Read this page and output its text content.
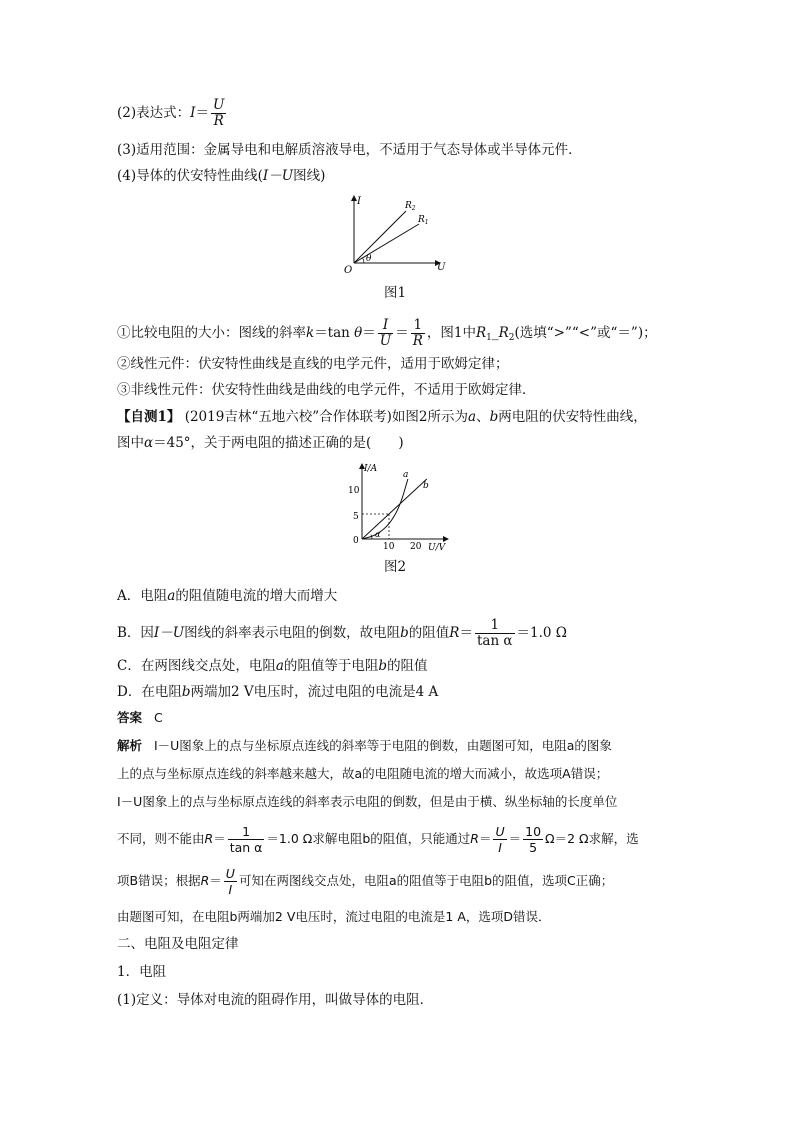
(2)表达式：$I= \frac{U}{R}$
(3)适用范围：金属导电和电解质溶液导电，不适用于气态导体或半导体元件．
(4)导体的伏安特性曲线(I－U图线)
I
U
O
θ
$R_2$
$R_1$
图1
①比较电阻的大小：图线的斜率k＝tan $\theta= \frac{I}{U} = \frac{1}{R}$ ，图1中$R_1\_R_2$(选填“>”“<”或“＝”)；
②线性元件：伏安特性曲线是直线的电学元件，适用于欧姆定律；
③非线性元件：伏安特性曲线是曲线的电学元件，不适用于欧姆定律．
【自测1】 (2019吉林“五地六校”合作体联考)如图2所示为a、b两电阻的伏安特性曲线，
图中α＝45°，关于两电阻的描述正确的是(　　)
I/A
U/V
10
5
0
10 20
a
b
α
图2
A．电阻a的阻值随电流的增大而增大
B．因I－U图线的斜率表示电阻的倒数，故电阻b的阻值$R= \frac{1}{\text{tan α}} =1.0$ Ω
C．在两图线交点处，电阻a的阻值等于电阻b的阻值
D．在电阻b两端加2 V电压时，流过电阻的电流是4 A
答案 C
解析 I－U图象上的点与坐标原点连线的斜率等于电阻的倒数，由题图可知，电阻a的图象
上的点与坐标原点连线的斜率越来越大，故a的电阻随电流的增大而减小，故选项A错误；
I－U图象上的点与坐标原点连线的斜率表示电阻的倒数，但是由于横、纵坐标轴的长度单位
不同，则不能由$R= \frac{1}{\text{tan α}} =1.0$ Ω求解电阻b的阻值，只能通过$R= \frac{U}{I} = \frac{10}{5} \Omega=2$ Ω求解，选
项B错误；根据$R= \frac{U}{I}$ 可知在两图线交点处，电阻a的阻值等于电阻b的阻值，选项C正确；
由题图可知，在电阻b两端加2 V电压时，流过电阻的电流是1 A，选项D错误．
二、电阻及电阻定律
1．电阻
(1)定义：导体对电流的阻碍作用，叫做导体的电阻．
